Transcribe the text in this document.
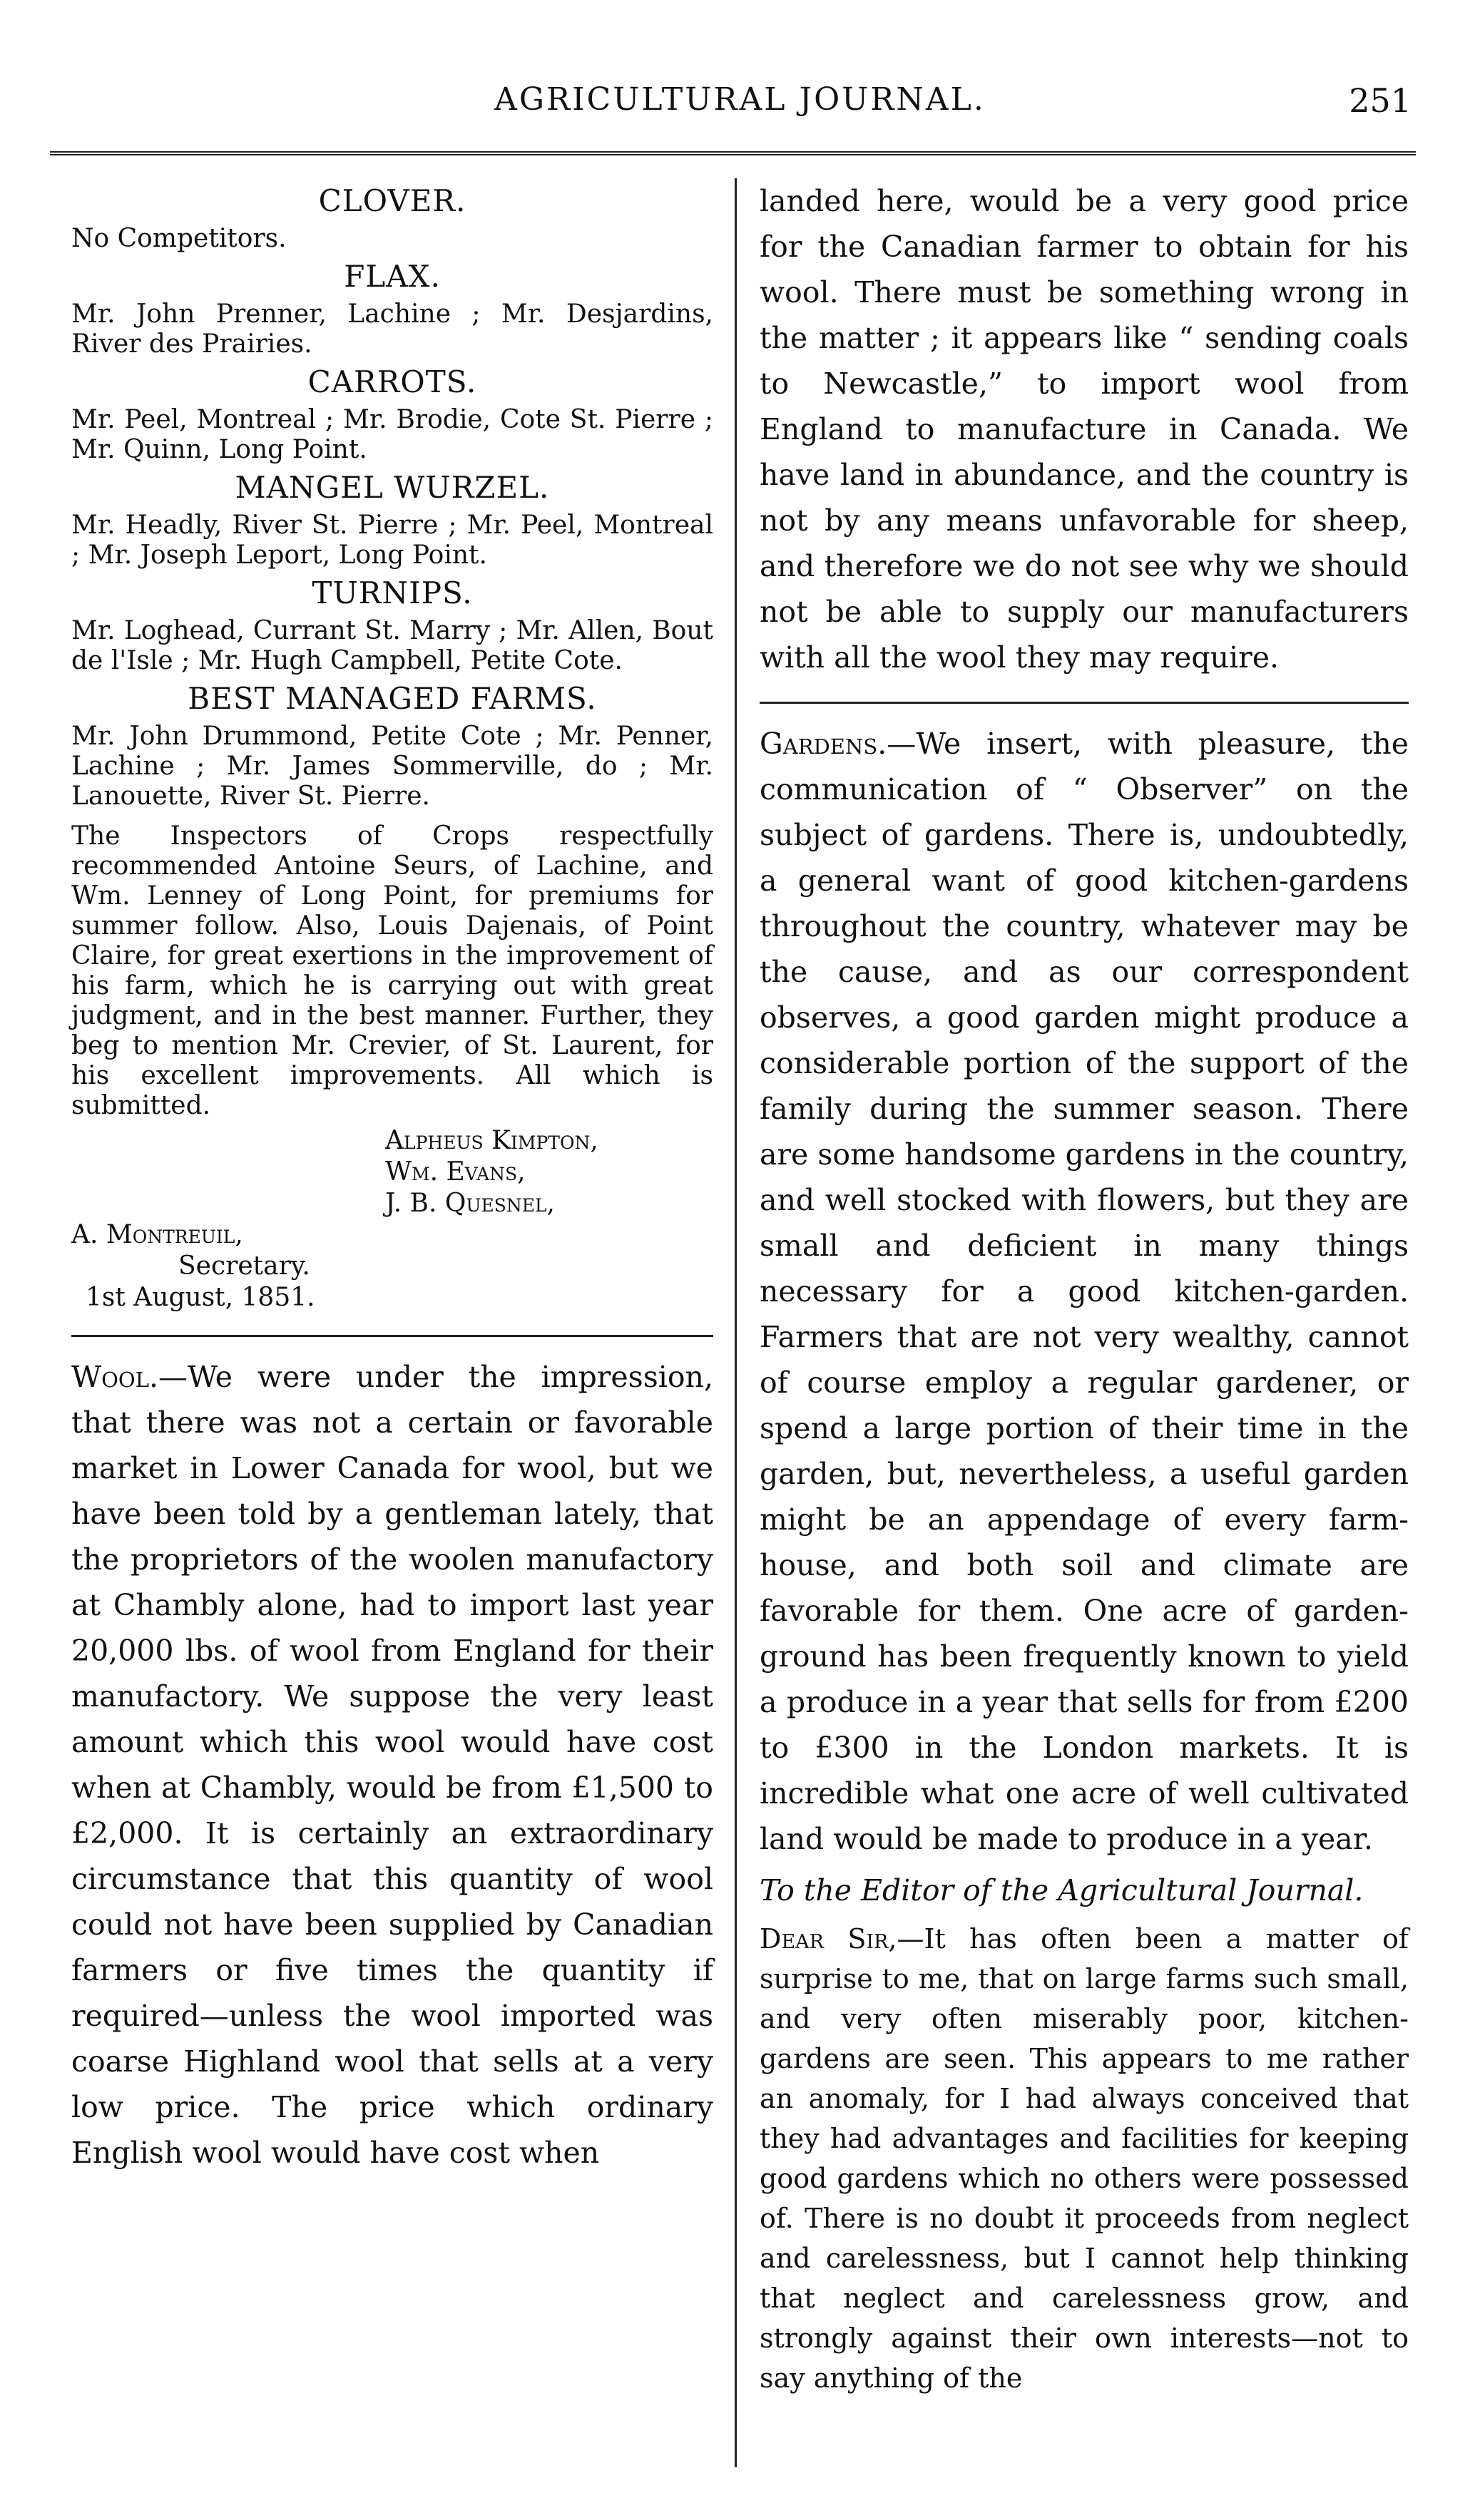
AGRICULTURAL JOURNAL.	251
CLOVER.

No Competitors.

FLAX.

Mr. John Prenner, Lachine ; Mr. Desjardins, River des Prairies.

CARROTS.

Mr. Peel, Montreal ; Mr. Brodie, Cote St. Pierre ; Mr. Quinn, Long Point.

MANGEL WURZEL.

Mr. Headly, River St. Pierre ; Mr. Peel, Montreal ; Mr. Joseph Leport, Long Point.

TURNIPS.

Mr. Loghead, Currant St. Marry ; Mr. Allen, Bout de l'Isle ; Mr. Hugh Campbell, Petite Cote.

BEST MANAGED FARMS.

Mr. John Drummond, Petite Cote ; Mr. Penner, Lachine ; Mr. James Sommerville, do ; Mr. Lanouette, River St. Pierre.

The Inspectors of Crops respectfully recommended Antoine Seurs, of Lachine, and Wm. Lenney of Long Point, for premiums for summer follow. Also, Louis Dajenais, of Point Claire, for great exertions in the improvement of his farm, which he is carrying out with great judgment, and in the best manner. Further, they beg to mention Mr. Crevier, of St. Laurent, for his excellent improvements. All which is submitted.

Alpheus Kimpton,
Wm. Evans,
J. B. Quesnel,
A. Montreuil,
Secretary.
1st August, 1851.

Wool.—We were under the impression, that there was not a certain or favorable market in Lower Canada for wool, but we have been told by a gentleman lately, that the proprietors of the woolen manufactory at Chambly alone, had to import last year 20,000 lbs. of wool from England for their manufactory. We suppose the very least amount which this wool would have cost when at Chambly, would be from £1,500 to £2,000. It is certainly an extraordinary circumstance that this quantity of wool could not have been supplied by Canadian farmers or five times the quantity if required—unless the wool imported was coarse Highland wool that sells at a very low price. The price which ordinary English wool would have cost when

landed here, would be a very good price for the Canadian farmer to obtain for his wool. There must be something wrong in the matter ; it appears like “ sending coals to Newcastle,” to import wool from England to manufacture in Canada. We have land in abundance, and the country is not by any means unfavorable for sheep, and therefore we do not see why we should not be able to supply our manufacturers with all the wool they may require.

Gardens.—We insert, with pleasure, the communication of “ Observer” on the subject of gardens. There is, undoubtedly, a general want of good kitchen-gardens throughout the country, whatever may be the cause, and as our correspondent observes, a good garden might produce a considerable portion of the support of the family during the summer season. There are some handsome gardens in the country, and well stocked with flowers, but they are small and deficient in many things necessary for a good kitchen-garden. Farmers that are not very wealthy, cannot of course employ a regular gardener, or spend a large portion of their time in the garden, but, nevertheless, a useful garden might be an appendage of every farm-house, and both soil and climate are favorable for them. One acre of garden-ground has been frequently known to yield a produce in a year that sells for from £200 to £300 in the London markets. It is incredible what one acre of well cultivated land would be made to produce in a year.

To the Editor of the Agricultural Journal.

Dear Sir,—It has often been a matter of surprise to me, that on large farms such small, and very often miserably poor, kitchen-gardens are seen. This appears to me rather an anomaly, for I had always conceived that they had advantages and facilities for keeping good gardens which no others were possessed of. There is no doubt it proceeds from neglect and carelessness, but I cannot help thinking that neglect and carelessness grow, and strongly against their own interests—not to say anything of the
